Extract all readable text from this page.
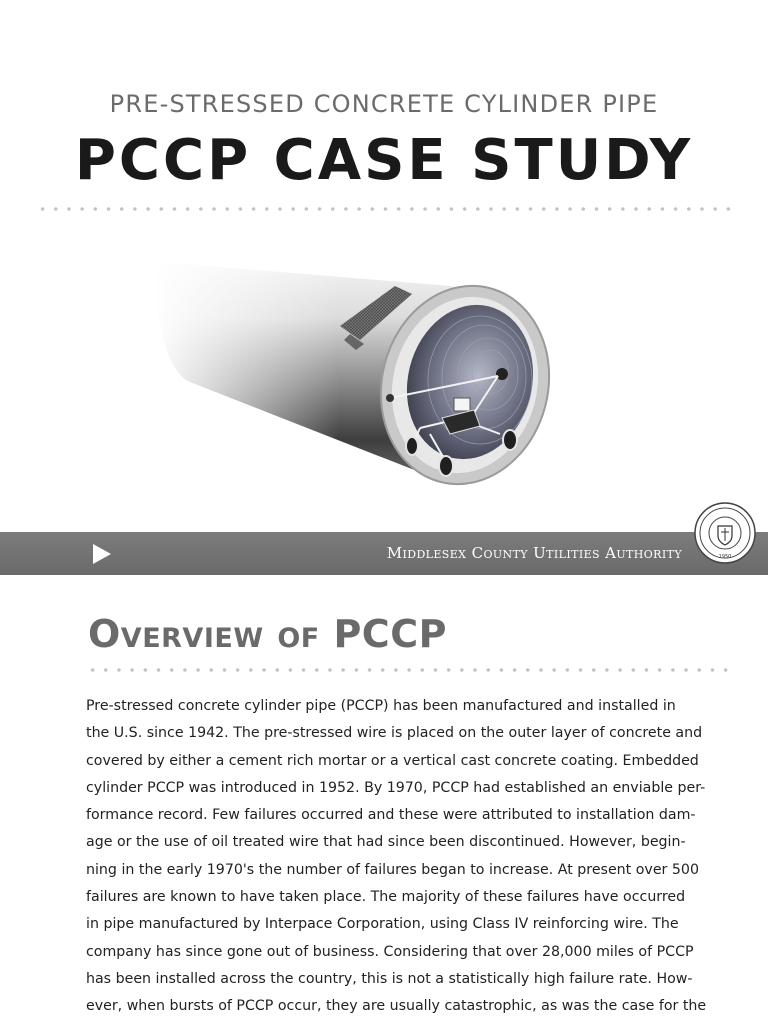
PRE-STRESSED CONCRETE CYLINDER PIPE
PCCP CASE STUDY
Middlesex County Utilities Authority	1950
Overview of PCCP
Pre-stressed concrete cylinder pipe (PCCP) has been manufactured and installed in
the U.S. since 1942. The pre-stressed wire is placed on the outer layer of concrete and
covered by either a cement rich mortar or a vertical cast concrete coating. Embedded
cylinder PCCP was introduced in 1952. By 1970, PCCP had established an enviable per-
formance record. Few failures occurred and these were attributed to installation dam-
age or the use of oil treated wire that had since been discontinued. However, begin-
ning in the early 1970's the number of failures began to increase. At present over 500
failures are known to have taken place. The majority of these failures have occurred
in pipe manufactured by Interpace Corporation, using Class IV reinforcing wire. The
company has since gone out of business. Considering that over 28,000 miles of PCCP
has been installed across the country, this is not a statistically high failure rate. How-
ever, when bursts of PCCP occur, they are usually catastrophic, as was the case for the
